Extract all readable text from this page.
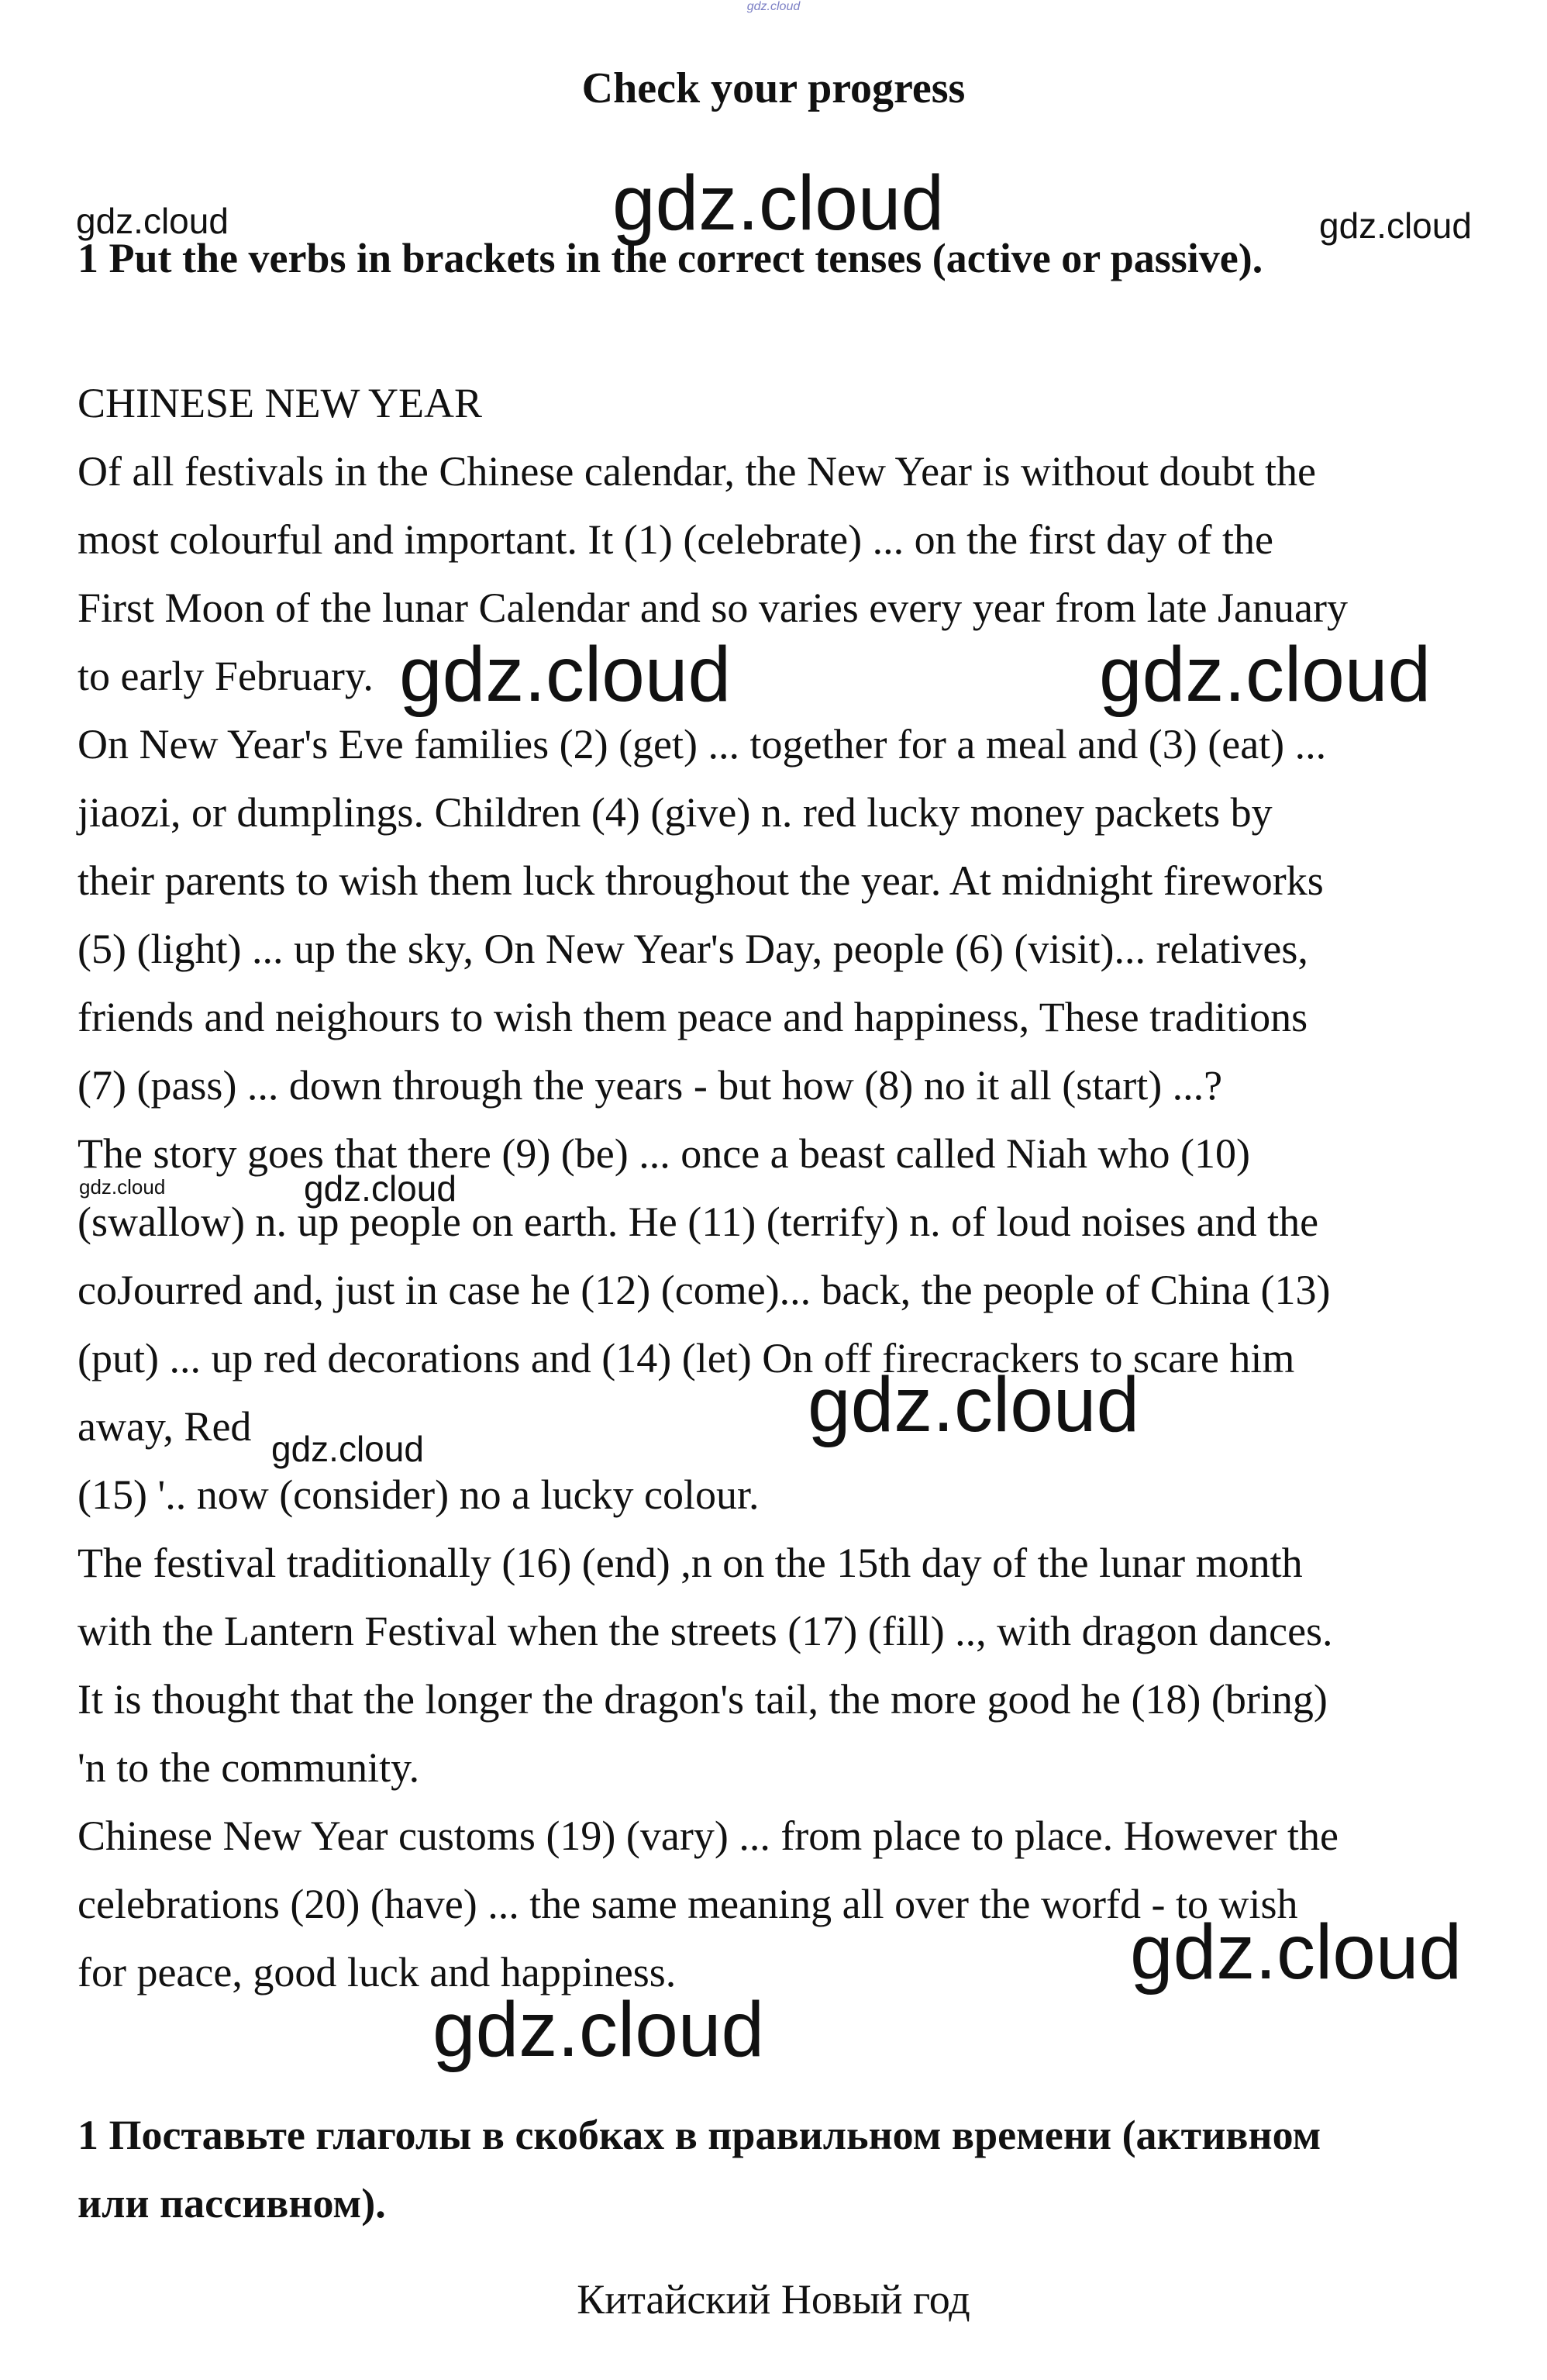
gdz.cloud
Check your progress
1 Put the verbs in brackets in the correct tenses (active or passive).

CHINESE NEW YEAR

Of all festivals in the Chinese calendar, the New Year is without doubt the

most colourful and important. It (1) (celebrate) ... on the first day of the

First Moon of the lunar Calendar and so varies every year from late January

to early February.

On New Year's Eve families (2) (get) ... together for a meal and (3) (eat) ...

jiaozi, or dumplings. Children (4) (give) n. red lucky money packets by

their parents to wish them luck throughout the year. At midnight fireworks

(5) (light) ... up the sky, On New Year's Day, people (6) (visit)... relatives,

friends and neighours to wish them peace and happiness, These traditions

(7) (pass) ... down through the years - but how (8) no it all (start) ...?

The story goes that there (9) (be) ... once a beast called Niah who (10)

(swallow) n. up people on earth. He (11) (terrify) n. of loud noises and the

coJourred and, just in case he (12) (come)... back, the people of China (13)

(put) ... up red decorations and (14) (let) On off firecrackers to scare him

away, Red

(15) '.. now (consider) no a lucky colour.

The festival traditionally (16) (end) ,n on the 15th day of the lunar month

with the Lantern Festival when the streets (17) (fill) .., with dragon dances.

It is thought that the longer the dragon's tail, the more good he (18) (bring)

'n to the community.

Chinese New Year customs (19) (vary) ... from place to place. However the

celebrations (20) (have) ... the same meaning all over the worfd - to wish

for peace, good luck and happiness.

1 Поставьте глаголы в скобках в правильном времени (активном

или пассивном).

Китайский Новый год
gdz.cloud	gdz.cloud	gdz.cloud
gdz.cloud	gdz.cloud
gdz.cloud	gdz.cloud
gdz.cloud
gdz.cloud
gdz.cloud
gdz.cloud
